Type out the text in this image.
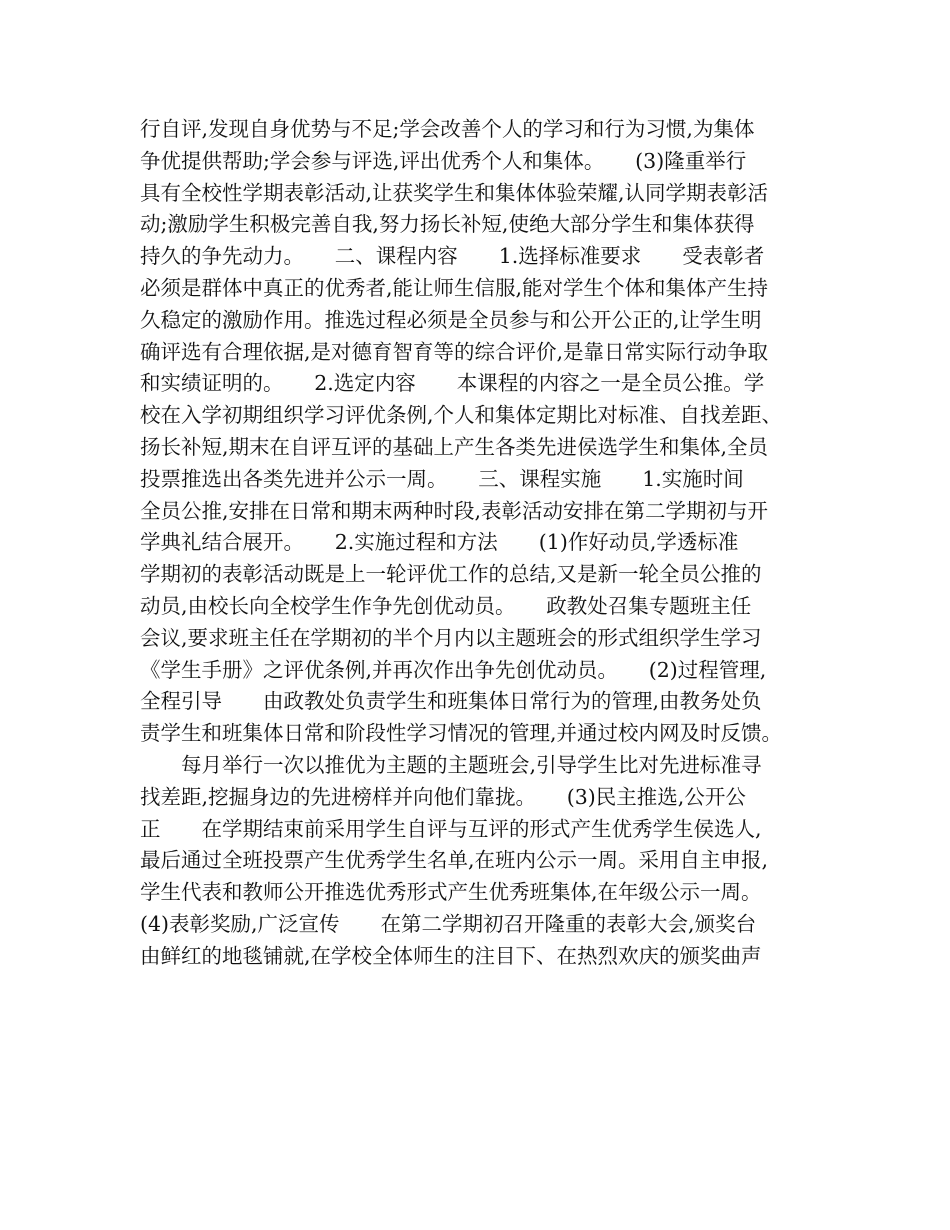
行自评,发现自身优势与不足;学会改善个人的学习和行为习惯,为集体
争优提供帮助;学会参与评选,评出优秀个人和集体。　　(3)隆重举行
具有全校性学期表彰活动,让获奖学生和集体体验荣耀,认同学期表彰活
动;激励学生积极完善自我,努力扬长补短,使绝大部分学生和集体获得
持久的争先动力。　　二、课程内容　　1.选择标准要求　　受表彰者
必须是群体中真正的优秀者,能让师生信服,能对学生个体和集体产生持
久稳定的激励作用。推选过程必须是全员参与和公开公正的,让学生明
确评选有合理依据,是对德育智育等的综合评价,是靠日常实际行动争取
和实绩证明的。　　2.选定内容　　本课程的内容之一是全员公推。学
校在入学初期组织学习评优条例,个人和集体定期比对标准、自找差距、
扬长补短,期末在自评互评的基础上产生各类先进侯选学生和集体,全员
投票推选出各类先进并公示一周。　　三、课程实施　　1.实施时间
全员公推,安排在日常和期末两种时段,表彰活动安排在第二学期初与开
学典礼结合展开。　　2.实施过程和方法　　(1)作好动员,学透标准
学期初的表彰活动既是上一轮评优工作的总结,又是新一轮全员公推的
动员,由校长向全校学生作争先创优动员。　　政教处召集专题班主任
会议,要求班主任在学期初的半个月内以主题班会的形式组织学生学习
《学生手册》之评优条例,并再次作出争先创优动员。　　(2)过程管理,
全程引导　　由政教处负责学生和班集体日常行为的管理,由教务处负
责学生和班集体日常和阶段性学习情况的管理,并通过校内网及时反馈。
　　每月举行一次以推优为主题的主题班会,引导学生比对先进标准寻
找差距,挖掘身边的先进榜样并向他们靠拢。　　(3)民主推选,公开公
正　　在学期结束前采用学生自评与互评的形式产生优秀学生侯选人,
最后通过全班投票产生优秀学生名单,在班内公示一周。采用自主申报,
学生代表和教师公开推选优秀形式产生优秀班集体,在年级公示一周。
(4)表彰奖励,广泛宣传　　在第二学期初召开隆重的表彰大会,颁奖台
由鲜红的地毯铺就,在学校全体师生的注目下、在热烈欢庆的颁奖曲声
